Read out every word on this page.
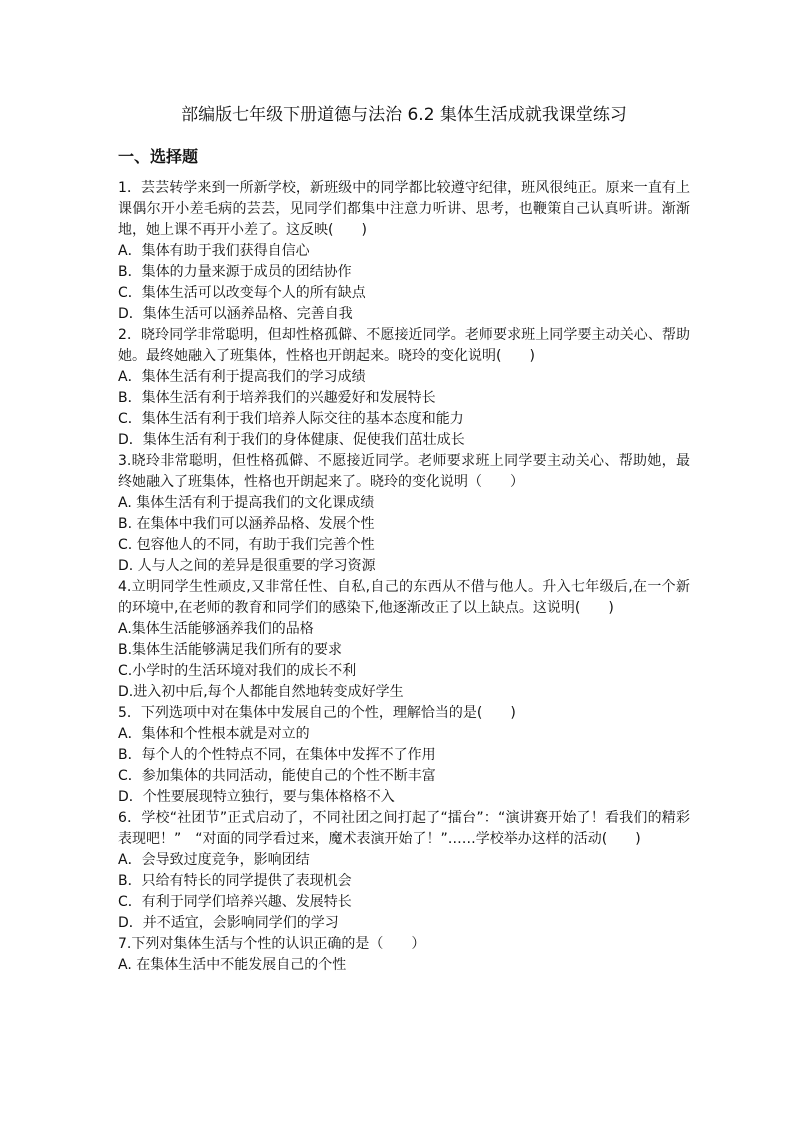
部编版七年级下册道德与法治 6.2 集体生活成就我课堂练习
一、选择题

1．芸芸转学来到一所新学校，新班级中的同学都比较遵守纪律，班风很纯正。原来一直有上课偶尔开小差毛病的芸芸，见同学们都集中注意力听讲、思考，也鞭策自己认真听讲。渐渐地，她上课不再开小差了。这反映(　　)

A．集体有助于我们获得自信心

B．集体的力量来源于成员的团结协作

C．集体生活可以改变每个人的所有缺点

D．集体生活可以涵养品格、完善自我

2．晓玲同学非常聪明，但却性格孤僻、不愿接近同学。老师要求班上同学要主动关心、帮助她。最终她融入了班集体，性格也开朗起来。晓玲的变化说明(　　)

A．集体生活有利于提高我们的学习成绩

B．集体生活有利于培养我们的兴趣爱好和发展特长

C．集体生活有利于我们培养人际交往的基本态度和能力

D．集体生活有利于我们的身体健康、促使我们茁壮成长

3.晓玲非常聪明，但性格孤僻、不愿接近同学。老师要求班上同学要主动关心、帮助她，最终她融入了班集体，性格也开朗起来了。晓玲的变化说明（　　）

A. 集体生活有利于提高我们的文化课成绩

B. 在集体中我们可以涵养品格、发展个性

C. 包容他人的不同，有助于我们完善个性

D. 人与人之间的差异是很重要的学习资源

4.立明同学生性顽皮,又非常任性、自私,自己的东西从不借与他人。升入七年级后,在一个新的环境中,在老师的教育和同学们的感染下,他逐渐改正了以上缺点。这说明(　　)

A.集体生活能够涵养我们的品格

B.集体生活能够满足我们所有的要求

C.小学时的生活环境对我们的成长不利

D.进入初中后,每个人都能自然地转变成好学生

5．下列选项中对在集体中发展自己的个性，理解恰当的是(　　)

A．集体和个性根本就是对立的

B．每个人的个性特点不同，在集体中发挥不了作用

C．参加集体的共同活动，能使自己的个性不断丰富

D．个性要展现特立独行，要与集体格格不入

6．学校“社团节”正式启动了，不同社团之间打起了“擂台”：“演讲赛开始了！看我们的精彩表现吧！”　“对面的同学看过来，魔术表演开始了！”……学校举办这样的活动(　　)

A．会导致过度竞争，影响团结

B．只给有特长的同学提供了表现机会

C．有利于同学们培养兴趣、发展特长

D．并不适宜，会影响同学们的学习

7.下列对集体生活与个性的认识正确的是（　　）

A. 在集体生活中不能发展自己的个性
